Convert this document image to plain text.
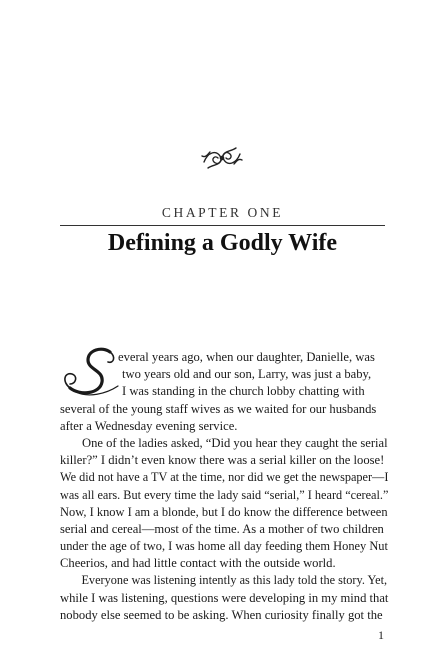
CHAPTER ONE
Defining a Godly Wife
S
everal years ago, when our daughter, Danielle, was
two years old and our son, Larry, was just a baby,
I was standing in the church lobby chatting with
several of the young staff wives as we waited for our husbands
after a Wednesday evening service.
One of the ladies asked, “Did you hear they caught the serial
killer?” I didn’t even know there was a serial killer on the loose!
We did not have a TV at the time, nor did we get the newspaper—I
was all ears. But every time the lady said “serial,” I heard “cereal.”
Now, I know I am a blonde, but I do know the difference between
serial and cereal—most of the time. As a mother of two children
under the age of two, I was home all day feeding them Honey Nut
Cheerios, and had little contact with the outside world.
Everyone was listening intently as this lady told the story. Yet,
while I was listening, questions were developing in my mind that
nobody else seemed to be asking. When curiosity finally got the
1
